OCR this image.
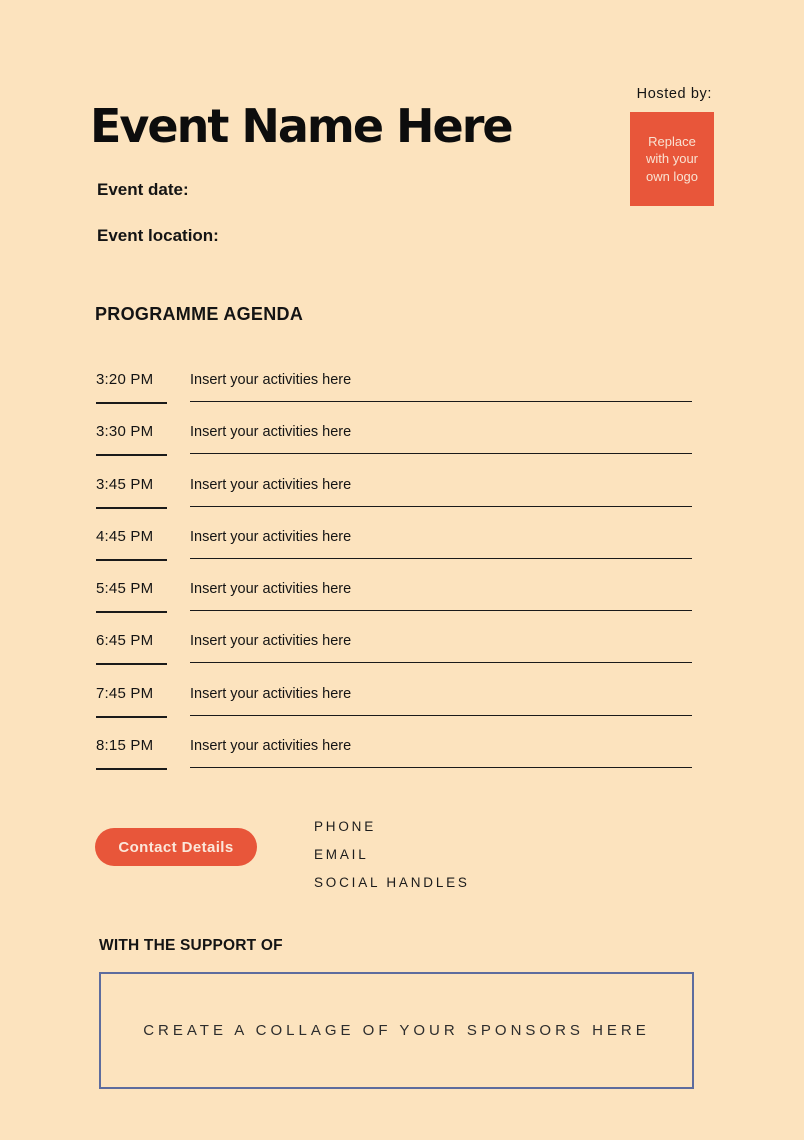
Hosted by:
Replace with your own logo
Event Name Here
Event date:
Event location:
PROGRAMME AGENDA
3:20 PM	Insert your activities here
3:30 PM	Insert your activities here
3:45 PM	Insert your activities here
4:45 PM	Insert your activities here
5:45 PM	Insert your activities here
6:45 PM	Insert your activities here
7:45 PM	Insert your activities here
8:15 PM	Insert your activities here
Contact Details
PHONE
EMAIL
SOCIAL HANDLES
WITH THE SUPPORT OF
CREATE A COLLAGE OF YOUR SPONSORS HERE
